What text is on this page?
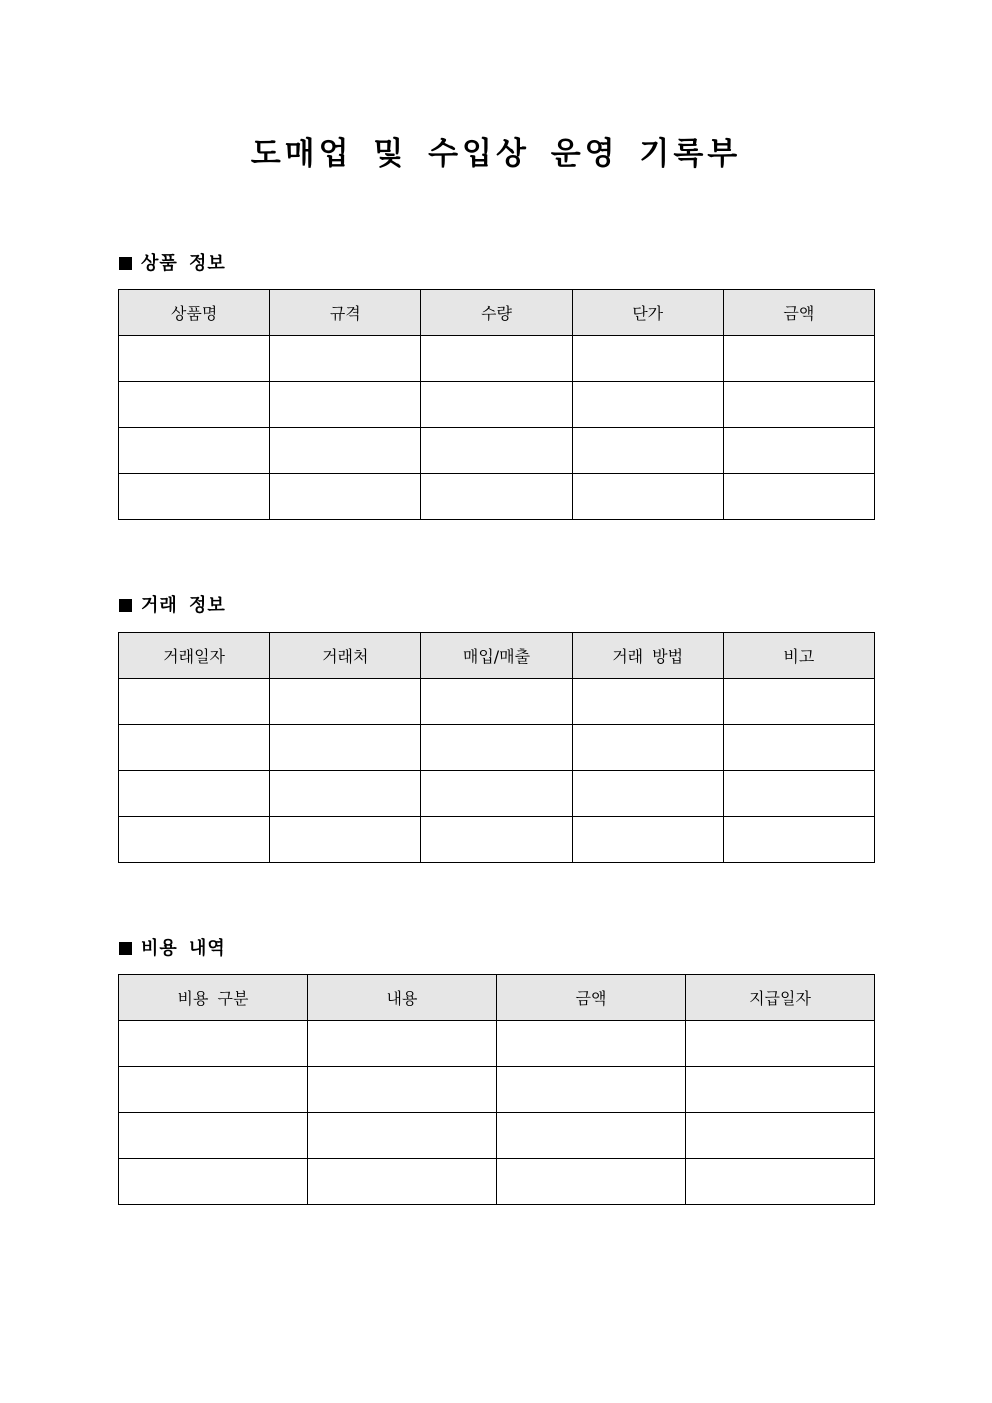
도매업 및 수입상 운영 기록부
상품 정보
상품명	규격	수량	단가	금액

거래 정보
거래일자	거래처	매입/매출	거래 방법	비고

비용 내역
비용 구분	내용	금액	지급일자
